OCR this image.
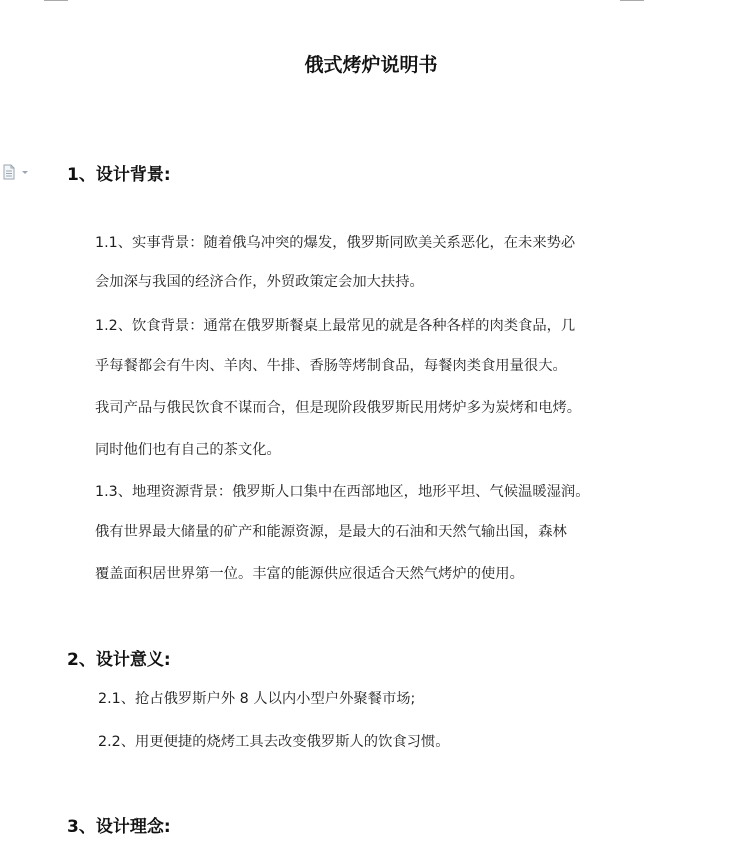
俄式烤炉说明书
1、设计背景:
1.1、实事背景：随着俄乌冲突的爆发，俄罗斯同欧美关系恶化，在未来势必
会加深与我国的经济合作，外贸政策定会加大扶持。
1.2、饮食背景：通常在俄罗斯餐桌上最常见的就是各种各样的肉类食品，几
乎每餐都会有牛肉、羊肉、牛排、香肠等烤制食品，每餐肉类食用量很大。
我司产品与俄民饮食不谋而合，但是现阶段俄罗斯民用烤炉多为炭烤和电烤。
同时他们也有自己的茶文化。
1.3、地理资源背景：俄罗斯人口集中在西部地区，地形平坦、气候温暖湿润。
俄有世界最大储量的矿产和能源资源，是最大的石油和天然气输出国，森林
覆盖面积居世界第一位。丰富的能源供应很适合天然气烤炉的使用。
2、设计意义:
2.1、抢占俄罗斯户外 8 人以内小型户外聚餐市场;
2.2、用更便捷的烧烤工具去改变俄罗斯人的饮食习惯。
3、设计理念:
